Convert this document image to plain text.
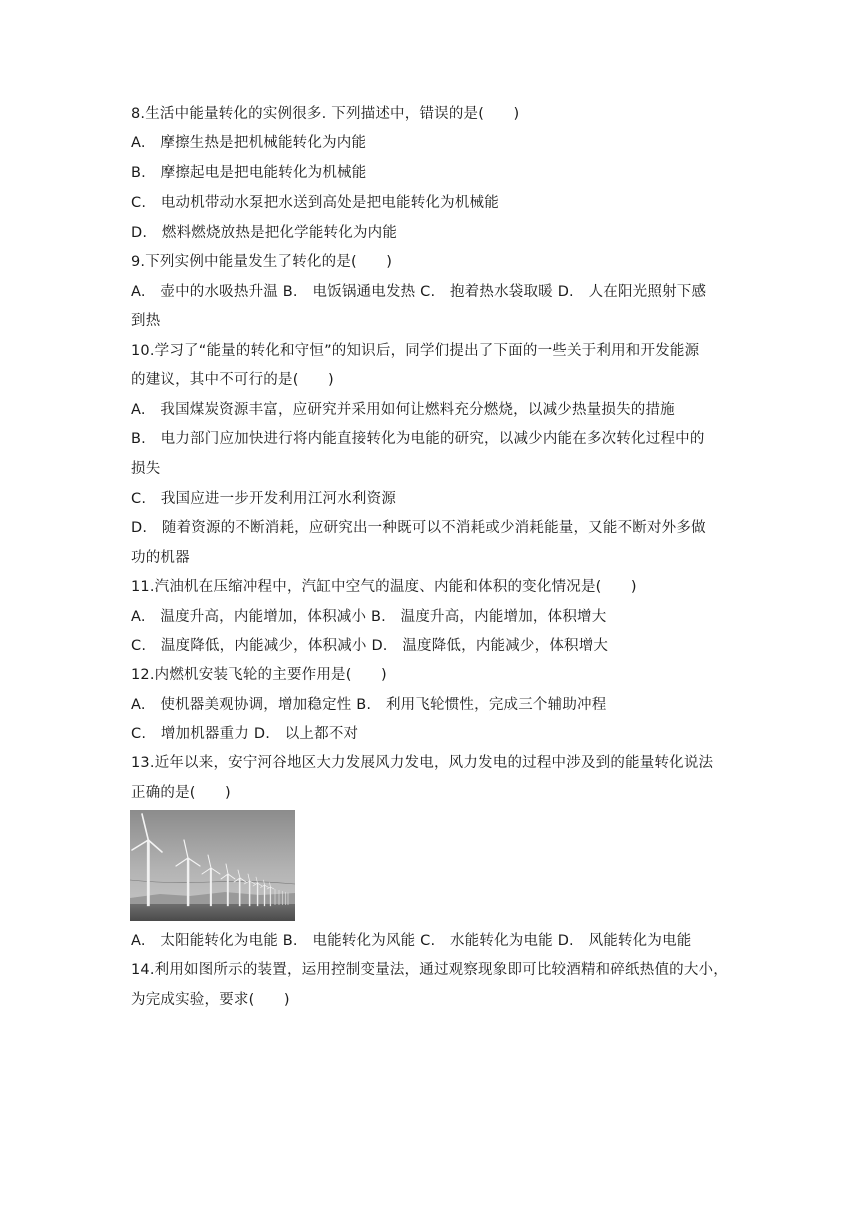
8.生活中能量转化的实例很多. 下列描述中，错误的是(　　)
A.　摩擦生热是把机械能转化为内能
B.　摩擦起电是把电能转化为机械能
C.　电动机带动水泵把水送到高处是把电能转化为机械能
D.　燃料燃烧放热是把化学能转化为内能
9.下列实例中能量发生了转化的是(　　)
A.　壶中的水吸热升温 B.　电饭锅通电发热 C.　抱着热水袋取暖 D.　人在阳光照射下感
到热
10.学习了“能量的转化和守恒”的知识后，同学们提出了下面的一些关于利用和开发能源
的建议，其中不可行的是(　　)
A.　我国煤炭资源丰富，应研究并采用如何让燃料充分燃烧，以减少热量损失的措施
B.　电力部门应加快进行将内能直接转化为电能的研究，以减少内能在多次转化过程中的
损失
C.　我国应进一步开发利用江河水利资源
D.　随着资源的不断消耗，应研究出一种既可以不消耗或少消耗能量，又能不断对外多做
功的机器
11.汽油机在压缩冲程中，汽缸中空气的温度、内能和体积的变化情况是(　　)
A.　温度升高，内能增加，体积减小 B.　温度升高，内能增加，体积增大
C.　温度降低，内能减少，体积减小 D.　温度降低，内能减少，体积增大
12.内燃机安装飞轮的主要作用是(　　)
A.　使机器美观协调，增加稳定性 B.　利用飞轮惯性，完成三个辅助冲程
C.　增加机器重力 D.　以上都不对
13.近年以来，安宁河谷地区大力发展风力发电，风力发电的过程中涉及到的能量转化说法
正确的是(　　)
A.　太阳能转化为电能 B.　电能转化为风能 C.　水能转化为电能 D.　风能转化为电能
14.利用如图所示的装置，运用控制变量法，通过观察现象即可比较酒精和碎纸热值的大小，
为完成实验，要求(　　)
